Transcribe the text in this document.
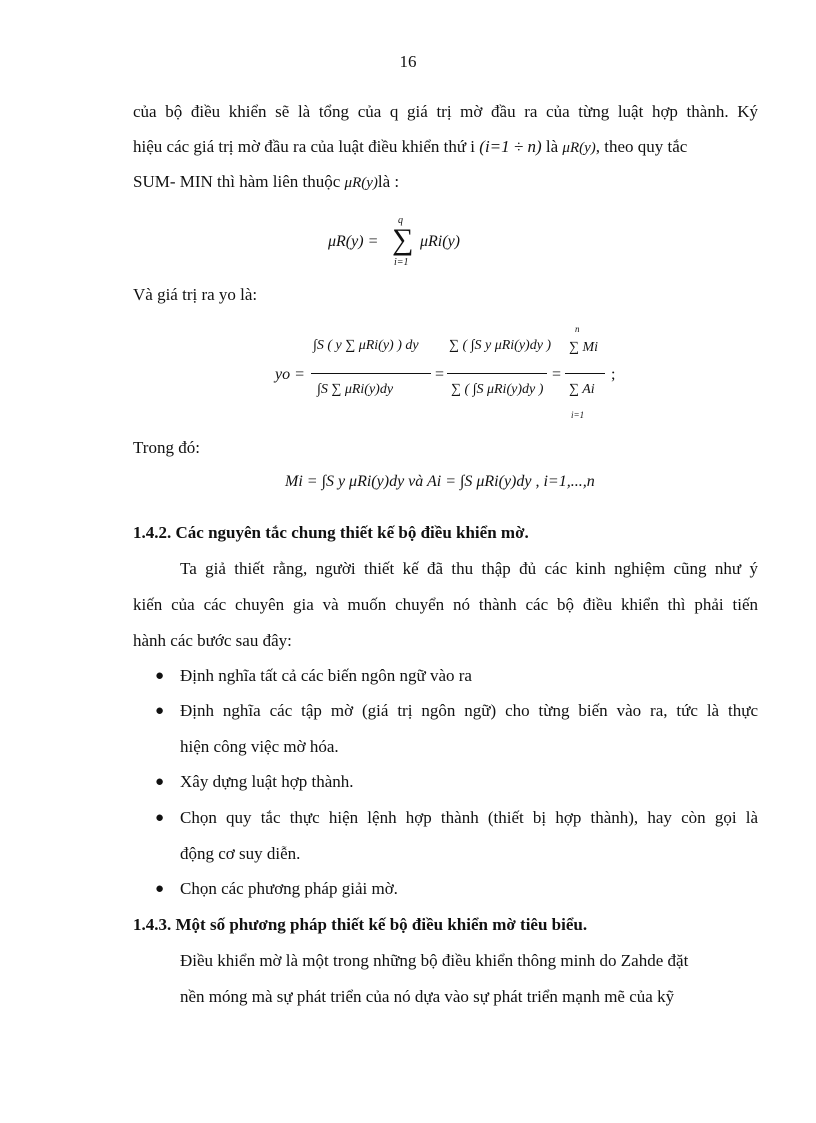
16
của bộ điều khiển sẽ là tổng của q giá trị mờ đầu ra của từng luật hợp thành. Ký
hiệu các giá trị mờ đầu ra của luật điều khiển thứ i (i=1 ÷ n) là μR(y), theo quy tắc
SUM- MIN thì hàm liên thuộc μR(y)là :
μR(y) =
q
∑
i=1
μRi(y)
Và giá trị ra yo là:
yo =
∫S ( y ∑ μRi(y) ) dy
∫S ∑ μRi(y)dy
=
∑ ( ∫S y μRi(y)dy )
∑ ( ∫S μRi(y)dy )
=
∑ Mi
∑ Ai
n
i=1
;
Trong đó:
Mi = ∫S y μRi(y)dy và Ai = ∫S μRi(y)dy , i=1,...,n
1.4.2. Các nguyên tắc chung thiết kế bộ điều khiển mờ.
Ta giả thiết rằng, người thiết kế đã thu thập đủ các kinh nghiệm cũng như ý
kiến của các chuyên gia và muốn chuyển nó thành các bộ điều khiển thì phải tiến
hành các bước sau đây:
● Định nghĩa tất cả các biến ngôn ngữ vào ra
● Định nghĩa các tập mờ (giá trị ngôn ngữ) cho từng biến vào ra, tức là thực
hiện công việc mờ hóa.
● Xây dựng luật hợp thành.
● Chọn quy tắc thực hiện lệnh hợp thành (thiết bị hợp thành), hay còn gọi là
động cơ suy diễn.
● Chọn các phương pháp giải mờ.
1.4.3. Một số phương pháp thiết kế bộ điều khiển mờ tiêu biểu.
Điều khiển mờ là một trong những bộ điều khiển thông minh do Zahde đặt
nền móng mà sự phát triển của nó dựa vào sự phát triển mạnh mẽ của kỹ
